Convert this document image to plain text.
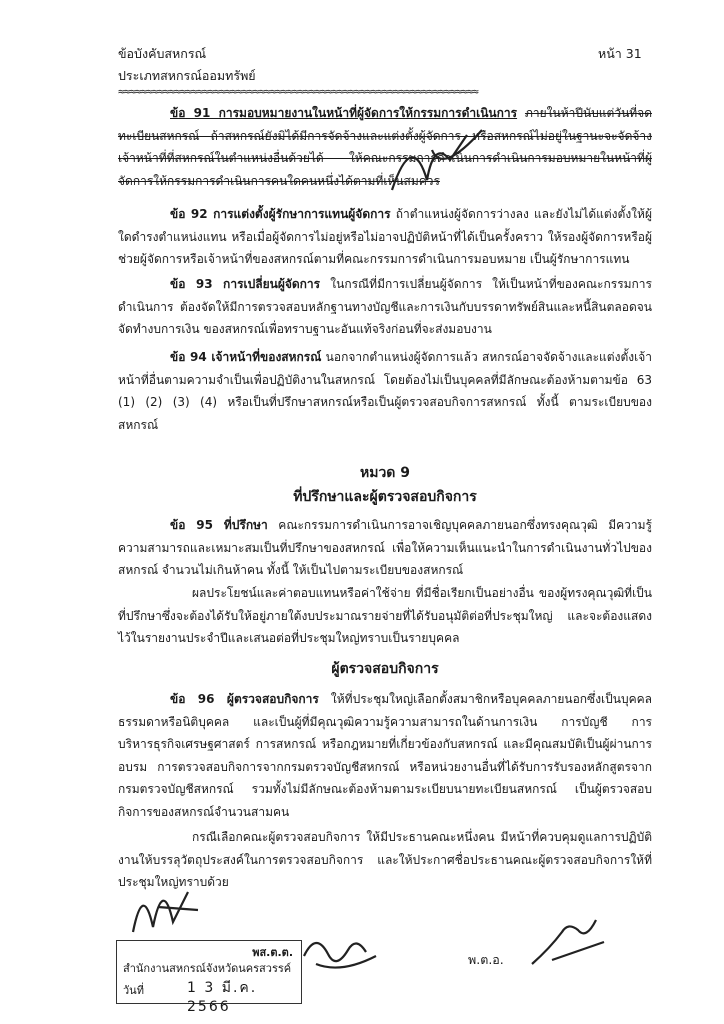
ข้อบังคับสหกรณ์
ประเภทสหกรณ์ออมทรัพย์
หน้า 31
≈≈≈≈≈≈≈≈≈≈≈≈≈≈≈≈≈≈≈≈≈≈≈≈≈≈≈≈≈≈≈≈≈≈≈≈≈≈≈≈≈≈≈≈≈≈≈≈≈≈≈≈≈≈≈≈≈≈≈≈≈≈≈≈
ข้อ 91 การมอบหมายงานในหน้าที่ผู้จัดการให้กรรมการดำเนินการ ภายในห้าปีนับแต่วันที่จดทะเบียนสหกรณ์ ถ้าสหกรณ์ยังมิได้มีการจัดจ้างและแต่งตั้งผู้จัดการ หรือสหกรณ์ไม่อยู่ในฐานะจะจัดจ้างเจ้าหน้าที่ที่สหกรณ์ในตำแหน่งอื่นด้วยได้ ให้คณะกรรมการดำเนินการดำเนินการมอบหมายในหน้าที่ผู้จัดการให้กรรมการดำเนินการคนใดคนหนึ่งได้ตามที่เห็นสมควร
ข้อ 92 การแต่งตั้งผู้รักษาการแทนผู้จัดการ ถ้าตำแหน่งผู้จัดการว่างลง และยังไม่ได้แต่งตั้งให้ผู้ใดดำรงตำแหน่งแทน หรือเมื่อผู้จัดการไม่อยู่หรือไม่อาจปฏิบัติหน้าที่ได้เป็นครั้งคราว ให้รองผู้จัดการหรือผู้ช่วยผู้จัดการหรือเจ้าหน้าที่ของสหกรณ์ตามที่คณะกรรมการดำเนินการมอบหมาย เป็นผู้รักษาการแทน
ข้อ 93 การเปลี่ยนผู้จัดการ ในกรณีที่มีการเปลี่ยนผู้จัดการ ให้เป็นหน้าที่ของคณะกรรมการดำเนินการ ต้องจัดให้มีการตรวจสอบหลักฐานทางบัญชีและการเงินกับบรรดาทรัพย์สินและหนี้สินตลอดจนจัดทำงบการเงิน ของสหกรณ์เพื่อทราบฐานะอันแท้จริงก่อนที่จะส่งมอบงาน
ข้อ 94 เจ้าหน้าที่ของสหกรณ์ นอกจากตำแหน่งผู้จัดการแล้ว สหกรณ์อาจจัดจ้างและแต่งตั้งเจ้าหน้าที่อื่นตามความจำเป็นเพื่อปฏิบัติงานในสหกรณ์ โดยต้องไม่เป็นบุคคลที่มีลักษณะต้องห้ามตามข้อ 63 (1) (2) (3) (4) หรือเป็นที่ปรึกษาสหกรณ์หรือเป็นผู้ตรวจสอบกิจการสหกรณ์ ทั้งนี้ ตามระเบียบของสหกรณ์
หมวด 9
ที่ปรึกษาและผู้ตรวจสอบกิจการ
ข้อ 95 ที่ปรึกษา คณะกรรมการดำเนินการอาจเชิญบุคคลภายนอกซึ่งทรงคุณวุฒิ มีความรู้ความสามารถและเหมาะสมเป็นที่ปรึกษาของสหกรณ์ เพื่อให้ความเห็นแนะนำในการดำเนินงานทั่วไปของสหกรณ์ จำนวนไม่เกินห้าคน ทั้งนี้ ให้เป็นไปตามระเบียบของสหกรณ์
ผลประโยชน์และค่าตอบแทนหรือค่าใช้จ่าย ที่มีชื่อเรียกเป็นอย่างอื่น ของผู้ทรงคุณวุฒิที่เป็นที่ปรึกษาซึ่งจะต้องได้รับให้อยู่ภายใต้งบประมาณรายจ่ายที่ได้รับอนุมัติต่อที่ประชุมใหญ่ และจะต้องแสดงไว้ในรายงานประจำปีและเสนอต่อที่ประชุมใหญ่ทราบเป็นรายบุคคล
ผู้ตรวจสอบกิจการ
ข้อ 96 ผู้ตรวจสอบกิจการ ให้ที่ประชุมใหญ่เลือกตั้งสมาชิกหรือบุคคลภายนอกซึ่งเป็นบุคคลธรรมดาหรือนิติบุคคล และเป็นผู้ที่มีคุณวุฒิความรู้ความสามารถในด้านการเงิน การบัญชี การบริหารธุรกิจเศรษฐศาสตร์ การสหกรณ์ หรือกฎหมายที่เกี่ยวข้องกับสหกรณ์ และมีคุณสมบัติเป็นผู้ผ่านการอบรม การตรวจสอบกิจการจากกรมตรวจบัญชีสหกรณ์ หรือหน่วยงานอื่นที่ได้รับการรับรองหลักสูตรจากกรมตรวจบัญชีสหกรณ์ รวมทั้งไม่มีลักษณะต้องห้ามตามระเบียบนายทะเบียนสหกรณ์ เป็นผู้ตรวจสอบกิจการของสหกรณ์จำนวนสามคน
กรณีเลือกคณะผู้ตรวจสอบกิจการ ให้มีประธานคณะหนึ่งคน มีหน้าที่ควบคุมดูแลการปฏิบัติงานให้บรรลุวัตถุประสงค์ในการตรวจสอบกิจการ และให้ประกาศชื่อประธานคณะผู้ตรวจสอบกิจการให้ที่ประชุมใหญ่ทราบด้วย
พส.ต.ต.
สำนักงานสหกรณ์จังหวัดนครสวรรค์
วันที่	1 3 มี.ค. 2566
พ.ต.อ.
